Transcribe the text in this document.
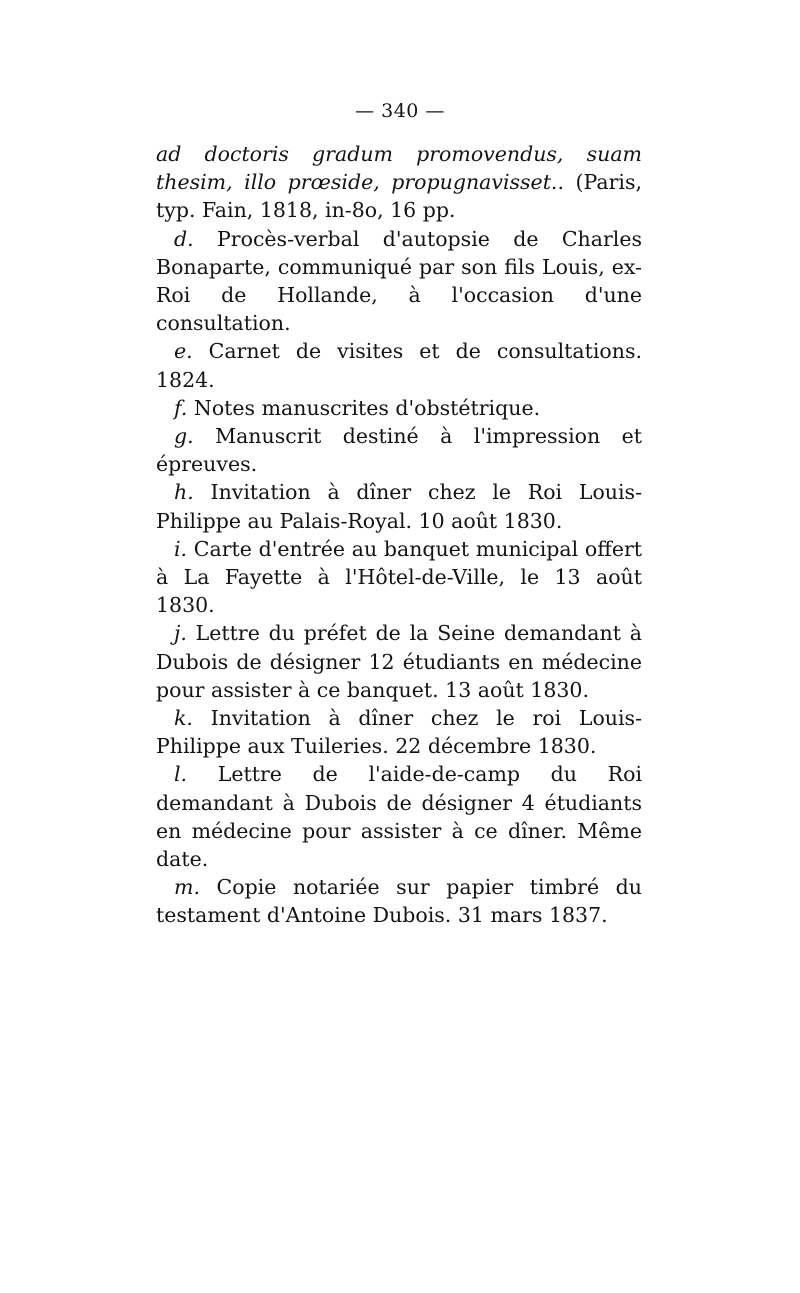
— 340 —

ad doctoris gradum promovendus, suam thesim, illo prœside, propugnavisset.. (Paris, typ. Fain, 1818, in-8o, 16 pp.

d. Procès-verbal d'autopsie de Charles Bonaparte, communiqué par son fils Louis, ex-Roi de Hollande, à l'occasion d'une consultation.

e. Carnet de visites et de consultations. 1824.

f. Notes manuscrites d'obstétrique.

g. Manuscrit destiné à l'impression et épreuves.

h. Invitation à dîner chez le Roi Louis-Philippe au Palais-Royal. 10 août 1830.

i. Carte d'entrée au banquet municipal offert à La Fayette à l'Hôtel-de-Ville, le 13 août 1830.

j. Lettre du préfet de la Seine demandant à Dubois de désigner 12 étudiants en médecine pour assister à ce banquet. 13 août 1830.

k. Invitation à dîner chez le roi Louis-Philippe aux Tuileries. 22 décembre 1830.

l. Lettre de l'aide-de-camp du Roi demandant à Dubois de désigner 4 étudiants en médecine pour assister à ce dîner. Même date.

m. Copie notariée sur papier timbré du testament d'Antoine Dubois. 31 mars 1837.
